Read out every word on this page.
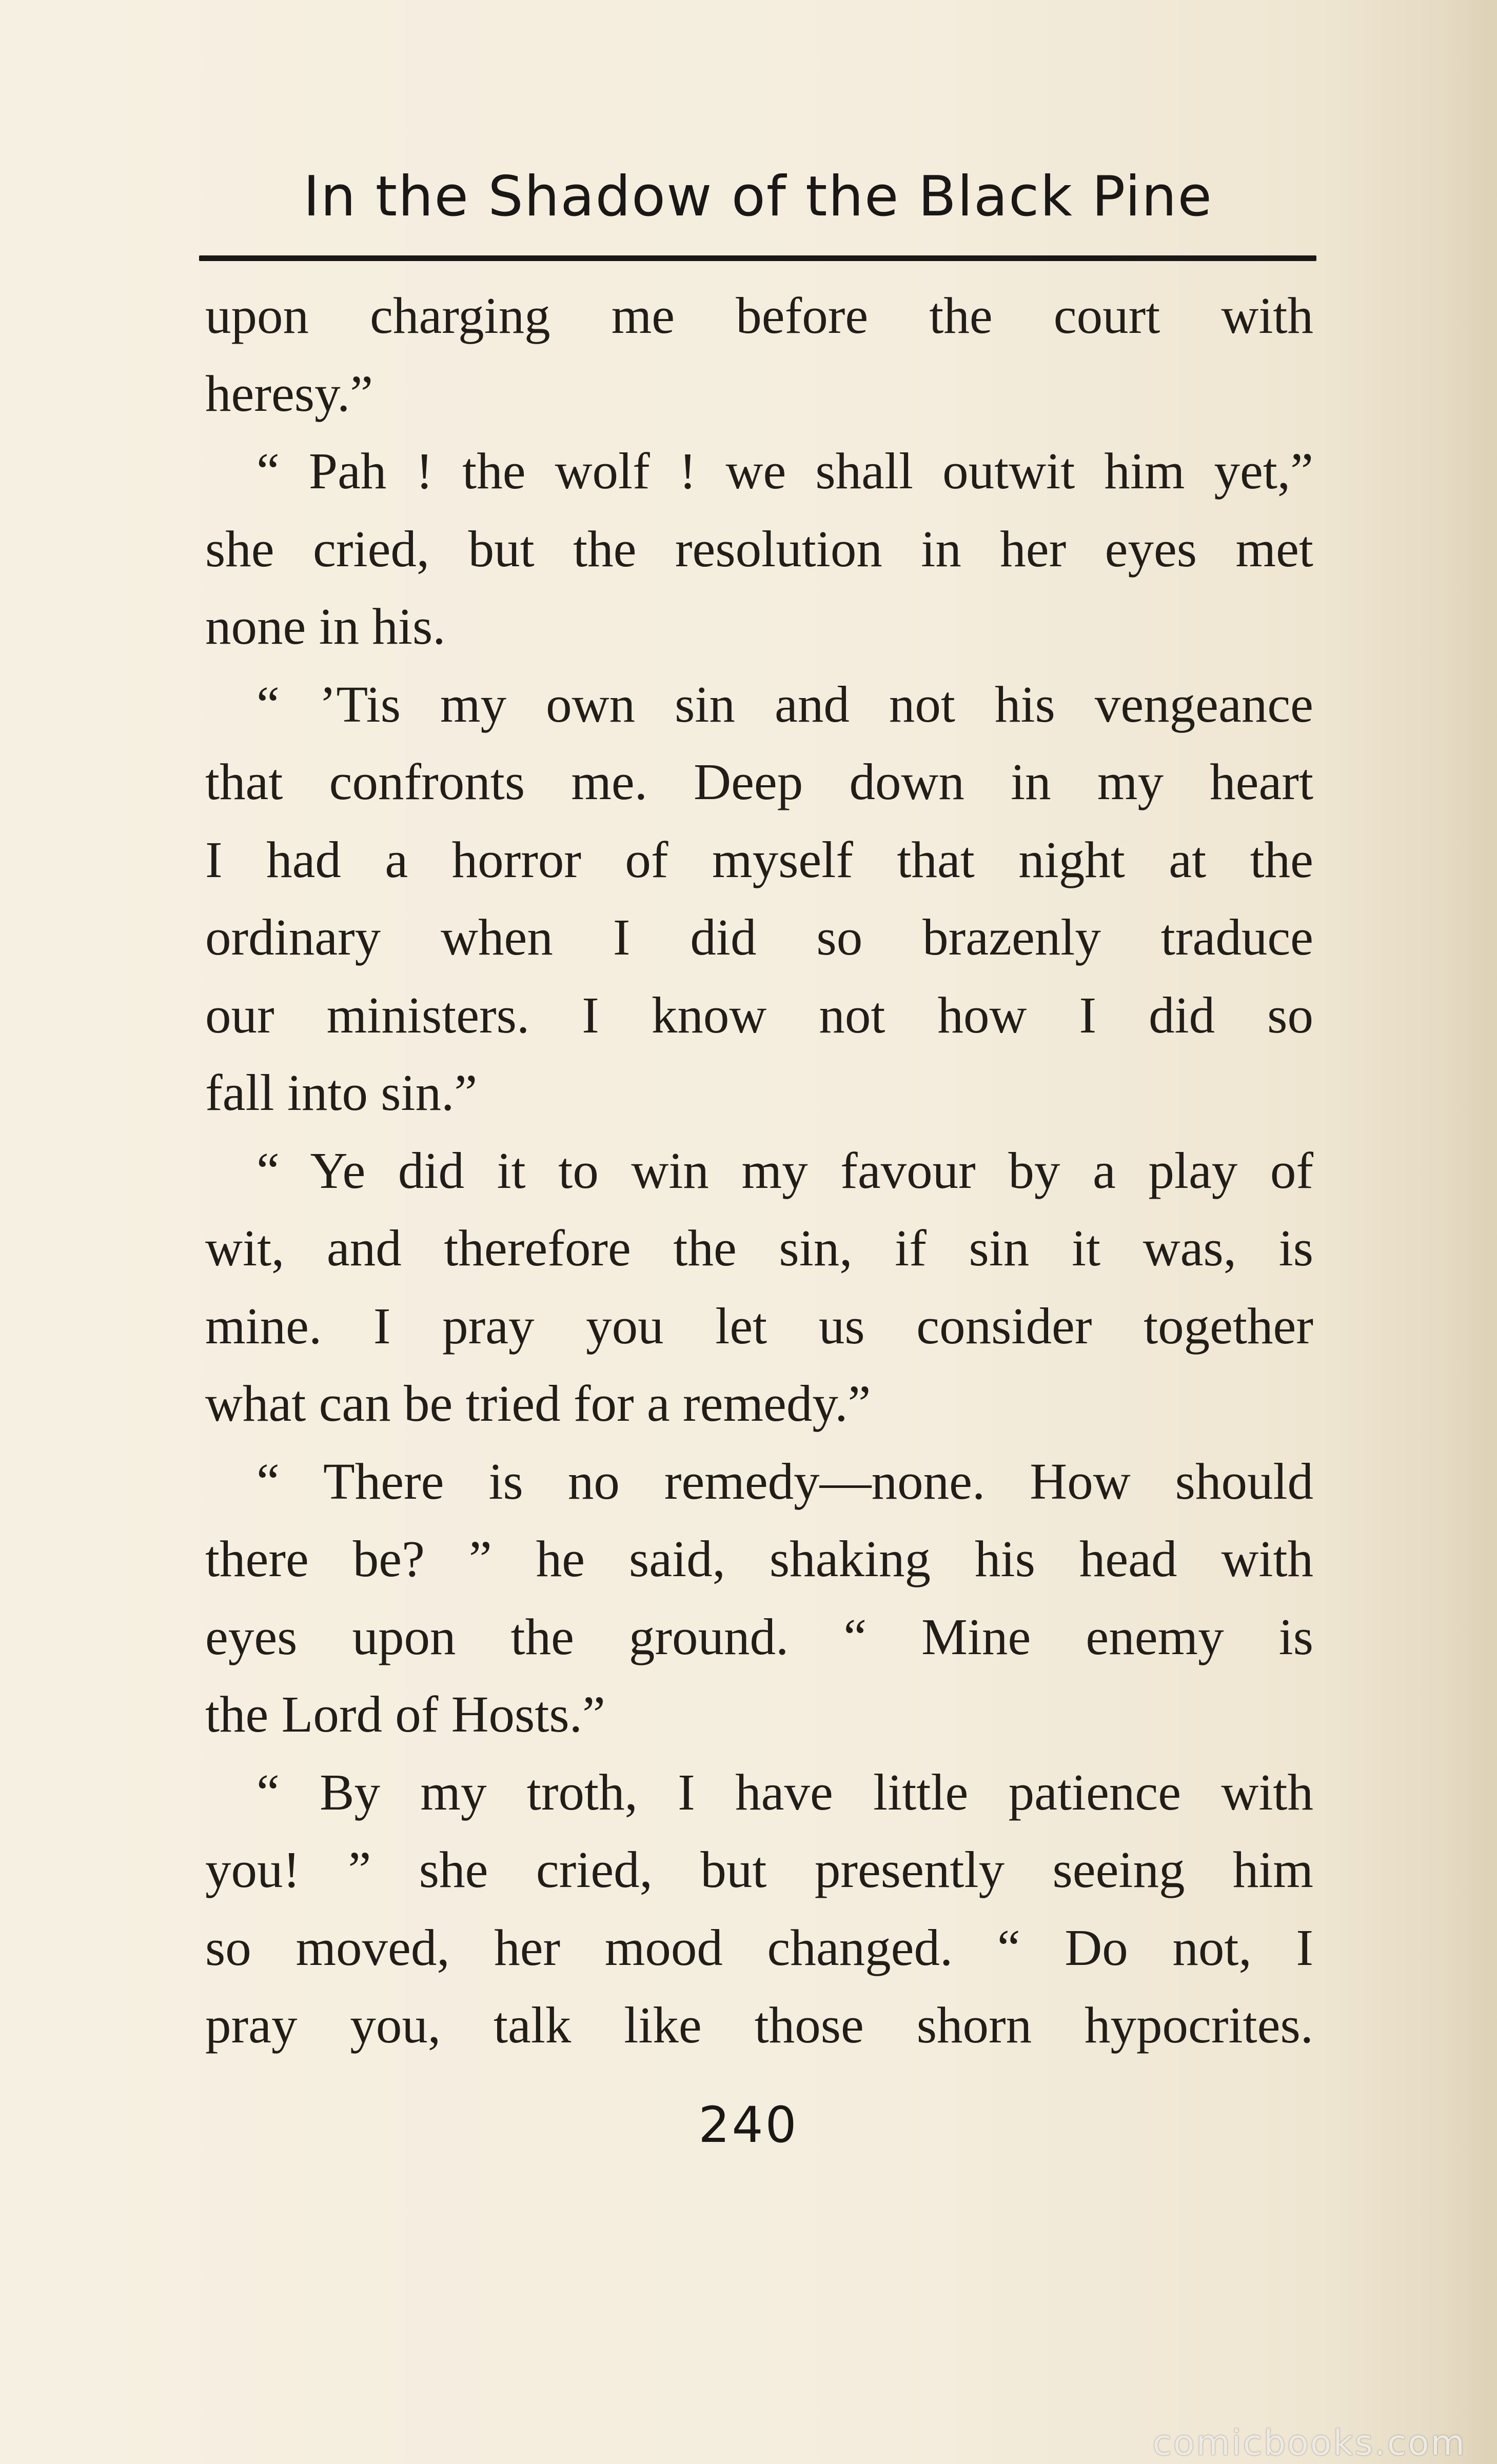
In the Shadow of the Black Pine
upon charging me before the court with
heresy.”
“ Pah ! the wolf ! we shall outwit him yet,”
she cried, but the resolution in her eyes met
none in his.
“ ’Tis my own sin and not his vengeance
that confronts me. Deep down in my heart
I had a horror of myself that night at the
ordinary when I did so brazenly traduce
our ministers. I know not how I did so
fall into sin.”
“ Ye did it to win my favour by a play of
wit, and therefore the sin, if sin it was, is
mine. I pray you let us consider together
what can be tried for a remedy.”
“ There is no remedy—none. How should
there be? ” he said, shaking his head with
eyes upon the ground. “ Mine enemy is
the Lord of Hosts.”
“ By my troth, I have little patience with
you! ” she cried, but presently seeing him
so moved, her mood changed. “ Do not, I
pray you, talk like those shorn hypocrites.
240
comicbooks.com
